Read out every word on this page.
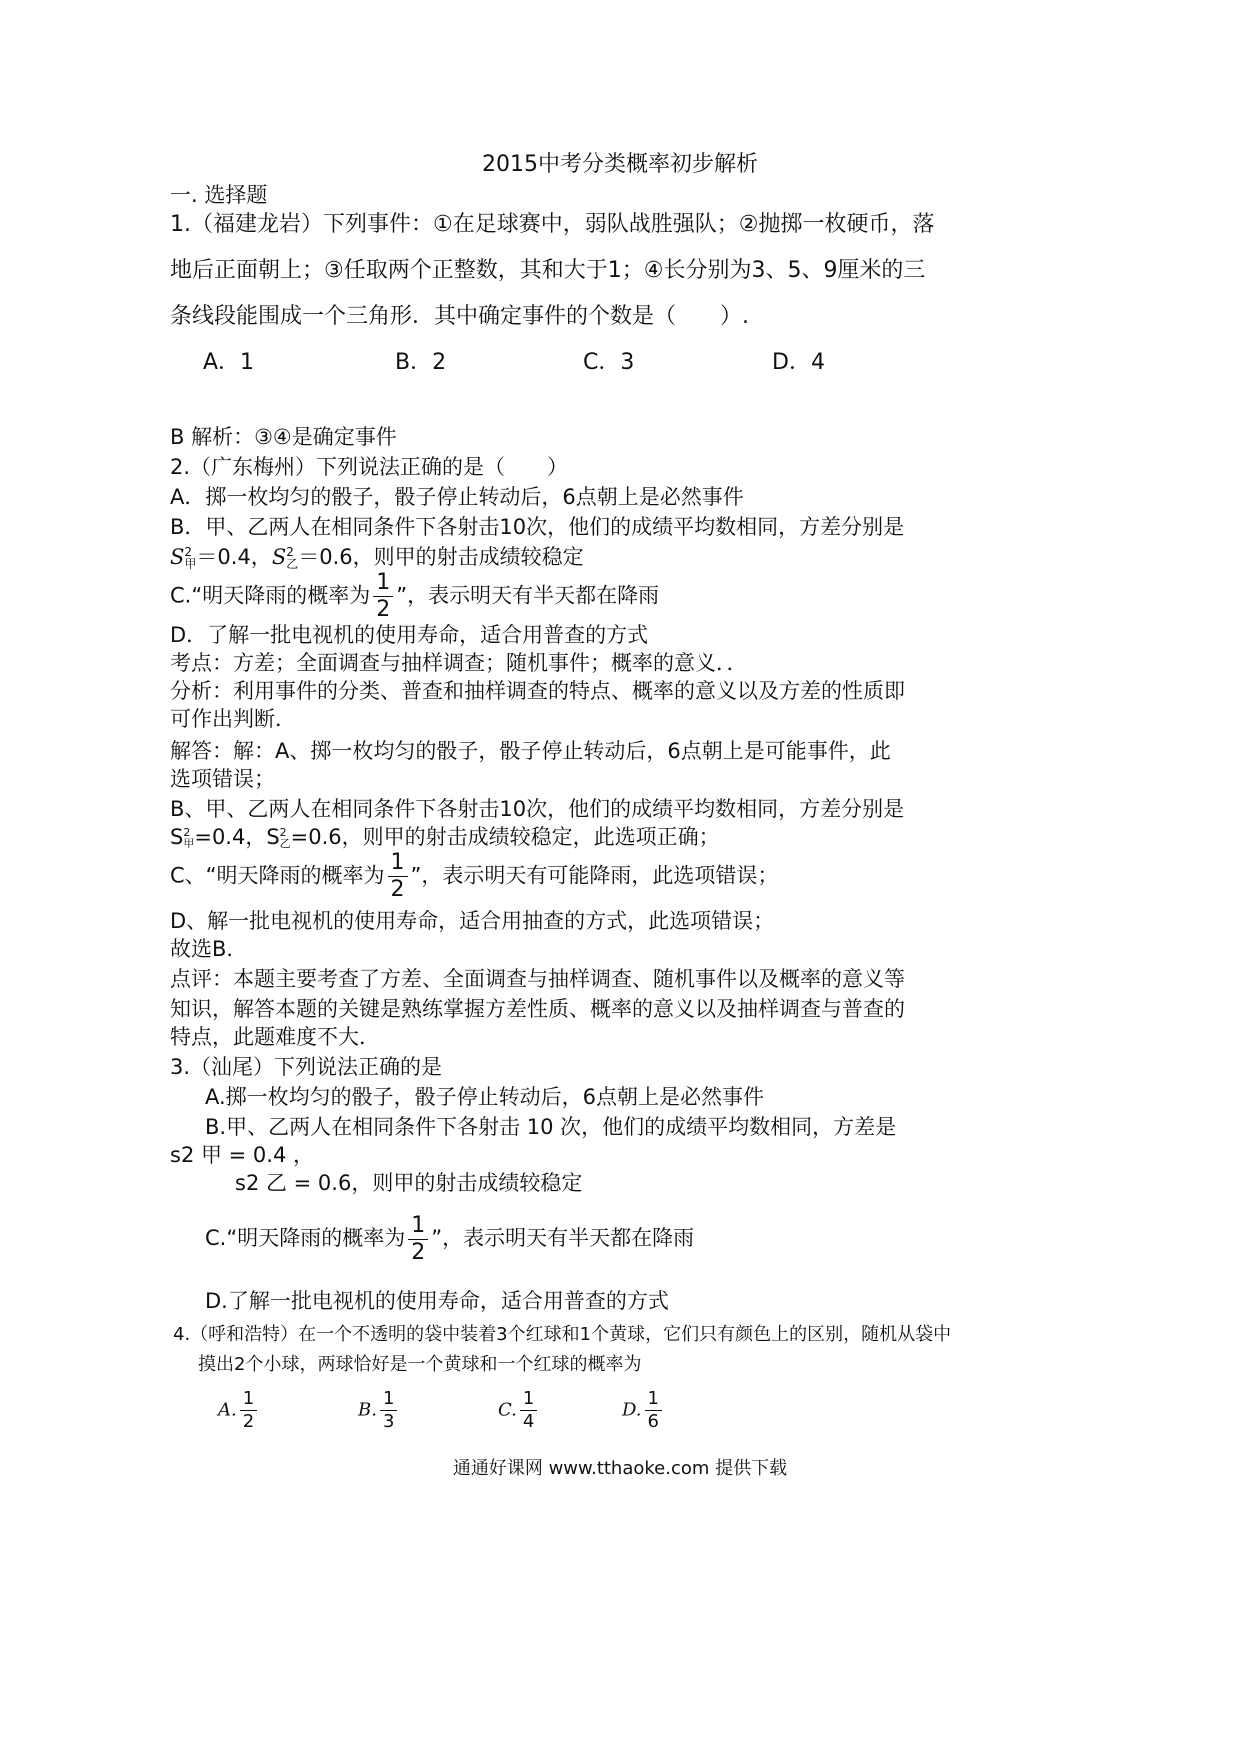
2015中考分类概率初步解析
一. 选择题
1.（福建龙岩）下列事件：①在足球赛中，弱队战胜强队；②抛掷一枚硬币，落
地后正面朝上；③任取两个正整数，其和大于1；④长分别为3、5、9厘米的三
条线段能围成一个三角形．其中确定事件的个数是（　　）.
A．1	B．2	C．3	D．4
B 解析：③④是确定事件
2.（广东梅州）下列说法正确的是（　　）
A．掷一枚均匀的骰子，骰子停止转动后，6点朝上是必然事件
B．甲、乙两人在相同条件下各射击10次，他们的成绩平均数相同，方差分别是
S 2
甲 ＝0.4，S 2
乙 ＝0.6，则甲的射击成绩较稳定
C.“明天降雨的概率为 $\frac{1}{2}$ ”，表示明天有半天都在降雨
D．了解一批电视机的使用寿命，适合用普查的方式
考点：方差；全面调查与抽样调查；随机事件；概率的意义．．
分析：利用事件的分类、普查和抽样调查的特点、概率的意义以及方差的性质即
可作出判断．
解答：解：A、掷一枚均匀的骰子，骰子停止转动后，6点朝上是可能事件，此
选项错误；
B、甲、乙两人在相同条件下各射击10次，他们的成绩平均数相同，方差分别是
S 2
甲 =0.4，S 2
乙 =0.6，则甲的射击成绩较稳定，此选项正确；
C、“明天降雨的概率为 $\frac{1}{2}$ ”，表示明天有可能降雨，此选项错误；
D、解一批电视机的使用寿命，适合用抽查的方式，此选项错误；
故选B．
点评：本题主要考查了方差、全面调查与抽样调查、随机事件以及概率的意义等
知识，解答本题的关键是熟练掌握方差性质、概率的意义以及抽样调查与普查的
特点，此题难度不大．
3.（汕尾）下列说法正确的是
A.掷一枚均匀的骰子，骰子停止转动后，6点朝上是必然事件
B.甲、乙两人在相同条件下各射击 10 次，他们的成绩平均数相同，方差是
s2 甲 = 0.4 ，
s2 乙 = 0.6，则甲的射击成绩较稳定
C.“明天降雨的概率为 $\frac{1}{2}$ ”，表示明天有半天都在降雨
D.了解一批电视机的使用寿命，适合用普查的方式
4.（呼和浩特）在一个不透明的袋中装着3个红球和1个黄球，它们只有颜色上的区别，随机从袋中
摸出2个小球，两球恰好是一个黄球和一个红球的概率为
A. $\frac{1}{2}$	B. $\frac{1}{3}$	C. $\frac{1}{4}$	D. $\frac{1}{6}$
通通好课网 www.tthaoke.com 提供下载
